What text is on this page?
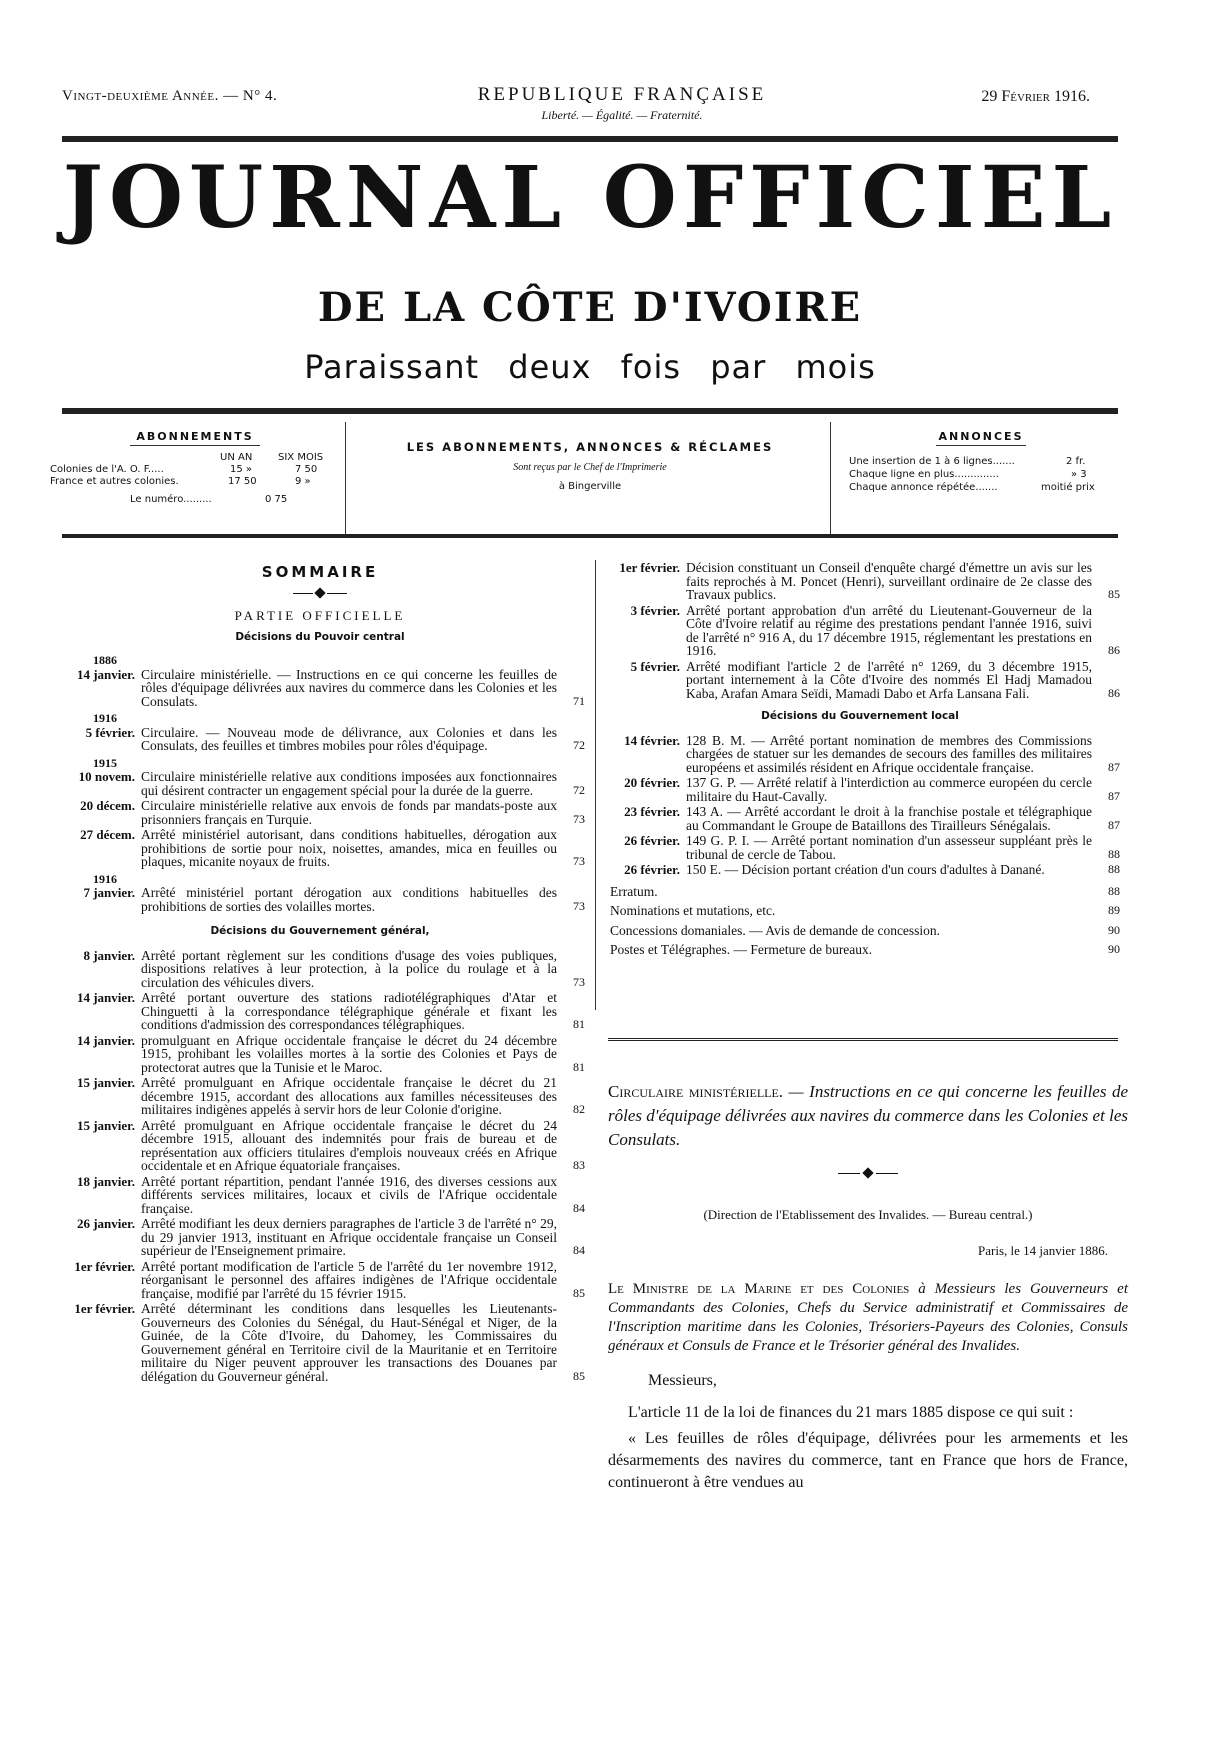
Vingt-deuxième Année. — N° 4.	REPUBLIQUE FRANÇAISE
Liberté. — Égalité. — Fraternité.
29 Février 1916.
JOURNAL OFFICIEL
DE LA CÔTE D'IVOIRE
Paraissant deux fois par mois
ABONNEMENTS
UN AN	SIX MOIS
Colonies de l'A. O. F.....	15 »	7 50
France et autres colonies.	17 50	9 »
Le numéro.........	0 75
LES ABONNEMENTS, ANNONCES & RÉCLAMES
Sont reçus par le Chef de l'Imprimerie
à Bingerville
ANNONCES
Une insertion de 1 à 6 lignes.......	2 fr.
Chaque ligne en plus..............	» 3
Chaque annonce répétée.......	moitié prix
SOMMAIRE

PARTIE OFFICIELLE
Décisions du Pouvoir central
1886
14 janvier. Circulaire ministérielle. — Instructions en ce qui concerne les feuilles de rôles d'équipage délivrées aux navires du commerce dans les Colonies et les Consulats.	71
1916
5 février. Circulaire. — Nouveau mode de délivrance, aux Colonies et dans les Consulats, des feuilles et timbres mobiles pour rôles d'équipage.	72
1915
10 novem. Circulaire ministérielle relative aux conditions imposées aux fonctionnaires qui désirent contracter un engagement spécial pour la durée de la guerre.	72
20 décem. Circulaire ministérielle relative aux envois de fonds par mandats-poste aux prisonniers français en Turquie.	73
27 décem. Arrêté ministériel autorisant, dans conditions habituelles, dérogation aux prohibitions de sortie pour noix, noisettes, amandes, mica en feuilles ou plaques, micanite noyaux de fruits.	73
1916
7 janvier. Arrêté ministériel portant dérogation aux conditions habituelles des prohibitions de sorties des volailles mortes.	73
Décisions du Gouvernement général,
8 janvier. Arrêté portant règlement sur les conditions d'usage des voies publiques, dispositions relatives à leur protection, à la police du roulage et à la circulation des véhicules divers.	73
14 janvier. Arrêté portant ouverture des stations radiotélégraphiques d'Atar et Chinguetti à la correspondance télégraphique générale et fixant les conditions d'admission des correspondances télégraphiques.	81
14 janvier. promulguant en Afrique occidentale française le décret du 24 décembre 1915, prohibant les volailles mortes à la sortie des Colonies et Pays de protectorat autres que la Tunisie et le Maroc.	81
15 janvier. Arrêté promulguant en Afrique occidentale française le décret du 21 décembre 1915, accordant des allocations aux familles nécessiteuses des militaires indigènes appelés à servir hors de leur Colonie d'origine.	82
15 janvier. Arrêté promulguant en Afrique occidentale française le décret du 24 décembre 1915, allouant des indemnités pour frais de bureau et de représentation aux officiers titulaires d'emplois nouveaux créés en Afrique occidentale et en Afrique équatoriale françaises.	83
18 janvier. Arrêté portant répartition, pendant l'année 1916, des diverses cessions aux différents services militaires, locaux et civils de l'Afrique occidentale française.	84
26 janvier. Arrêté modifiant les deux derniers paragraphes de l'article 3 de l'arrêté n° 29, du 29 janvier 1913, instituant en Afrique occidentale française un Conseil supérieur de l'Enseignement primaire.	84
1er février. Arrêté portant modification de l'article 5 de l'arrêté du 1er novembre 1912, réorganisant le personnel des affaires indigènes de l'Afrique occidentale française, modifié par l'arrêté du 15 février 1915.	85
1er février. Arrêté déterminant les conditions dans lesquelles les Lieutenants-Gouverneurs des Colonies du Sénégal, du Haut-Sénégal et Niger, de la Guinée, de la Côte d'Ivoire, du Dahomey, les Commissaires du Gouvernement général en Territoire civil de la Mauritanie et en Territoire militaire du Niger peuvent approuver les transactions des Douanes par délégation du Gouverneur général.	85
1er février. Décision constituant un Conseil d'enquête chargé d'émettre un avis sur les faits reprochés à M. Poncet (Henri), surveillant ordinaire de 2e classe des Travaux publics.	85
3 février. Arrêté portant approbation d'un arrêté du Lieutenant-Gouverneur de la Côte d'Ivoire relatif au régime des prestations pendant l'année 1916, suivi de l'arrêté n° 916 A, du 17 décembre 1915, réglementant les prestations en 1916.	86
5 février. Arrêté modifiant l'article 2 de l'arrêté n° 1269, du 3 décembre 1915, portant internement à la Côte d'Ivoire des nommés El Hadj Mamadou Kaba, Arafan Amara Seïdi, Mamadi Dabo et Arfa Lansana Fali.	86
Décisions du Gouvernement local
14 février. 128 B. M. — Arrêté portant nomination de membres des Commissions chargées de statuer sur les demandes de secours des familles des militaires européens et assimilés résident en Afrique occidentale française.	87
20 février. 137 G. P. — Arrêté relatif à l'interdiction au commerce européen du cercle militaire du Haut-Cavally.	87
23 février. 143 A. — Arrêté accordant le droit à la franchise postale et télégraphique au Commandant le Groupe de Bataillons des Tirailleurs Sénégalais.	87
26 février. 149 G. P. I. — Arrêté portant nomination d'un assesseur suppléant près le tribunal de cercle de Tabou.	88
26 février. 150 E. — Décision portant création d'un cours d'adultes à Danané.	88
Erratum.	88
Nominations et mutations, etc.	89
Concessions domaniales. — Avis de demande de concession.	90
Postes et Télégraphes. — Fermeture de bureaux.	90
Circulaire ministérielle. — Instructions en ce qui concerne les feuilles de rôles d'équipage délivrées aux navires du commerce dans les Colonies et les Consulats.

(Direction de l'Etablissement des Invalides. — Bureau central.)
Paris, le 14 janvier 1886.
Le Ministre de la Marine et des Colonies à Messieurs les Gouverneurs et Commandants des Colonies, Chefs du Service administratif et Commissaires de l'Inscription maritime dans les Colonies, Trésoriers-Payeurs des Colonies, Consuls généraux et Consuls de France et le Trésorier général des Invalides.
Messieurs,
L'article 11 de la loi de finances du 21 mars 1885 dispose ce qui suit :
« Les feuilles de rôles d'équipage, délivrées pour les armements et les désarmements des navires du commerce, tant en France que hors de France, continueront à être vendues au
